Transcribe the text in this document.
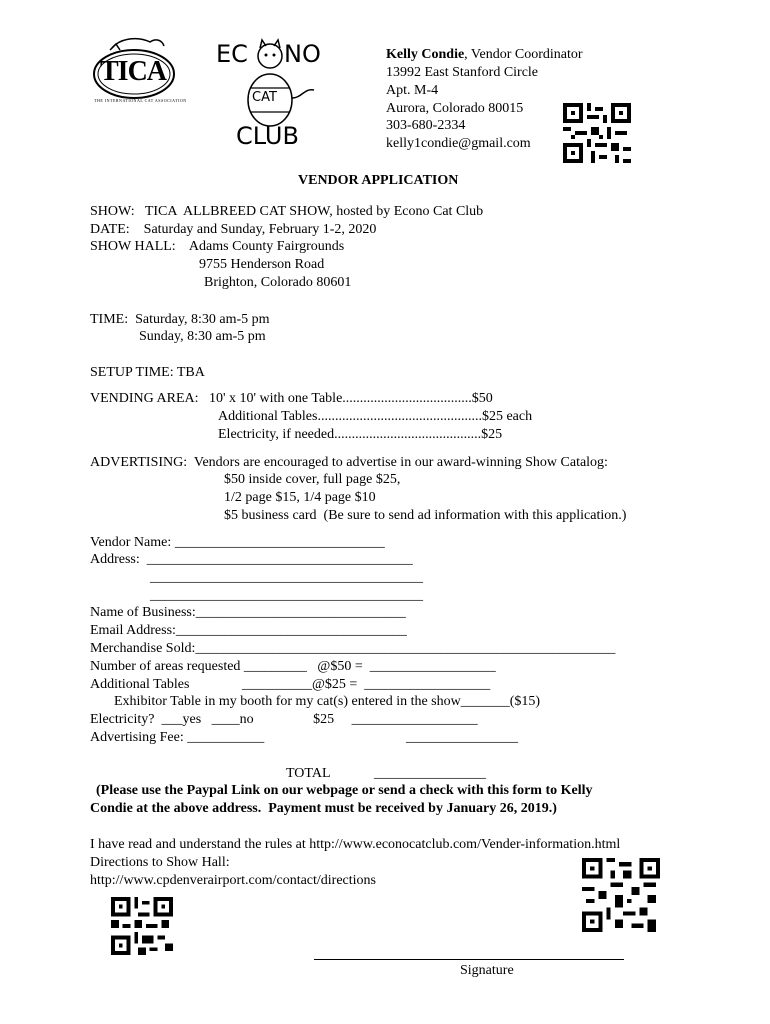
TICA
THE INTERNATIONAL CAT ASSOCIATION
EC NO
CAT
CLUB
Kelly Condie, Vendor Coordinator
13992 East Stanford Circle
Apt. M-4
Aurora, Colorado 80015
303-680-2334
kelly1condie@gmail.com
VENDOR APPLICATION
SHOW:   TICA  ALLBREED CAT SHOW, hosted by Econo Cat Club
DATE:    Saturday and Sunday, February 1-2, 2020
SHOW HALL:    Adams County Fairgrounds
9755 Henderson Road
Brighton, Colorado 80601
TIME:  Saturday, 8:30 am-5 pm
Sunday, 8:30 am-5 pm
SETUP TIME: TBA
VENDING AREA:   10' x 10' with one Table.....................................$50
Additional Tables...............................................$25 each
Electricity, if needed..........................................$25
ADVERTISING:  Vendors are encouraged to advertise in our award-winning Show Catalog:
$50 inside cover, full page $25,
1/2 page $15, 1/4 page $10
$5 business card  (Be sure to send ad information with this application.)
Vendor Name: ______________________________
Address:  ______________________________________
_______________________________________
_______________________________________
Name of Business:______________________________
Email Address:_________________________________
Merchandise Sold:____________________________________________________________
Number of areas requested _________   @$50 =  __________________
Additional Tables               __________@$25 =  __________________
Exhibitor Table in my booth for my cat(s) entered in the show_______($15)
Electricity?  ___yes   ____no                 $25     __________________
Advertising Fee: ___________	________________
TOTAL	________________
(Please use the Paypal Link on our webpage or send a check with this form to Kelly
Condie at the above address.  Payment must be received by January 26, 2019.)
I have read and understand the rules at http://www.econocatclub.com/Vender-information.html
Directions to Show Hall:
http://www.cpdenverairport.com/contact/directions
Signature
